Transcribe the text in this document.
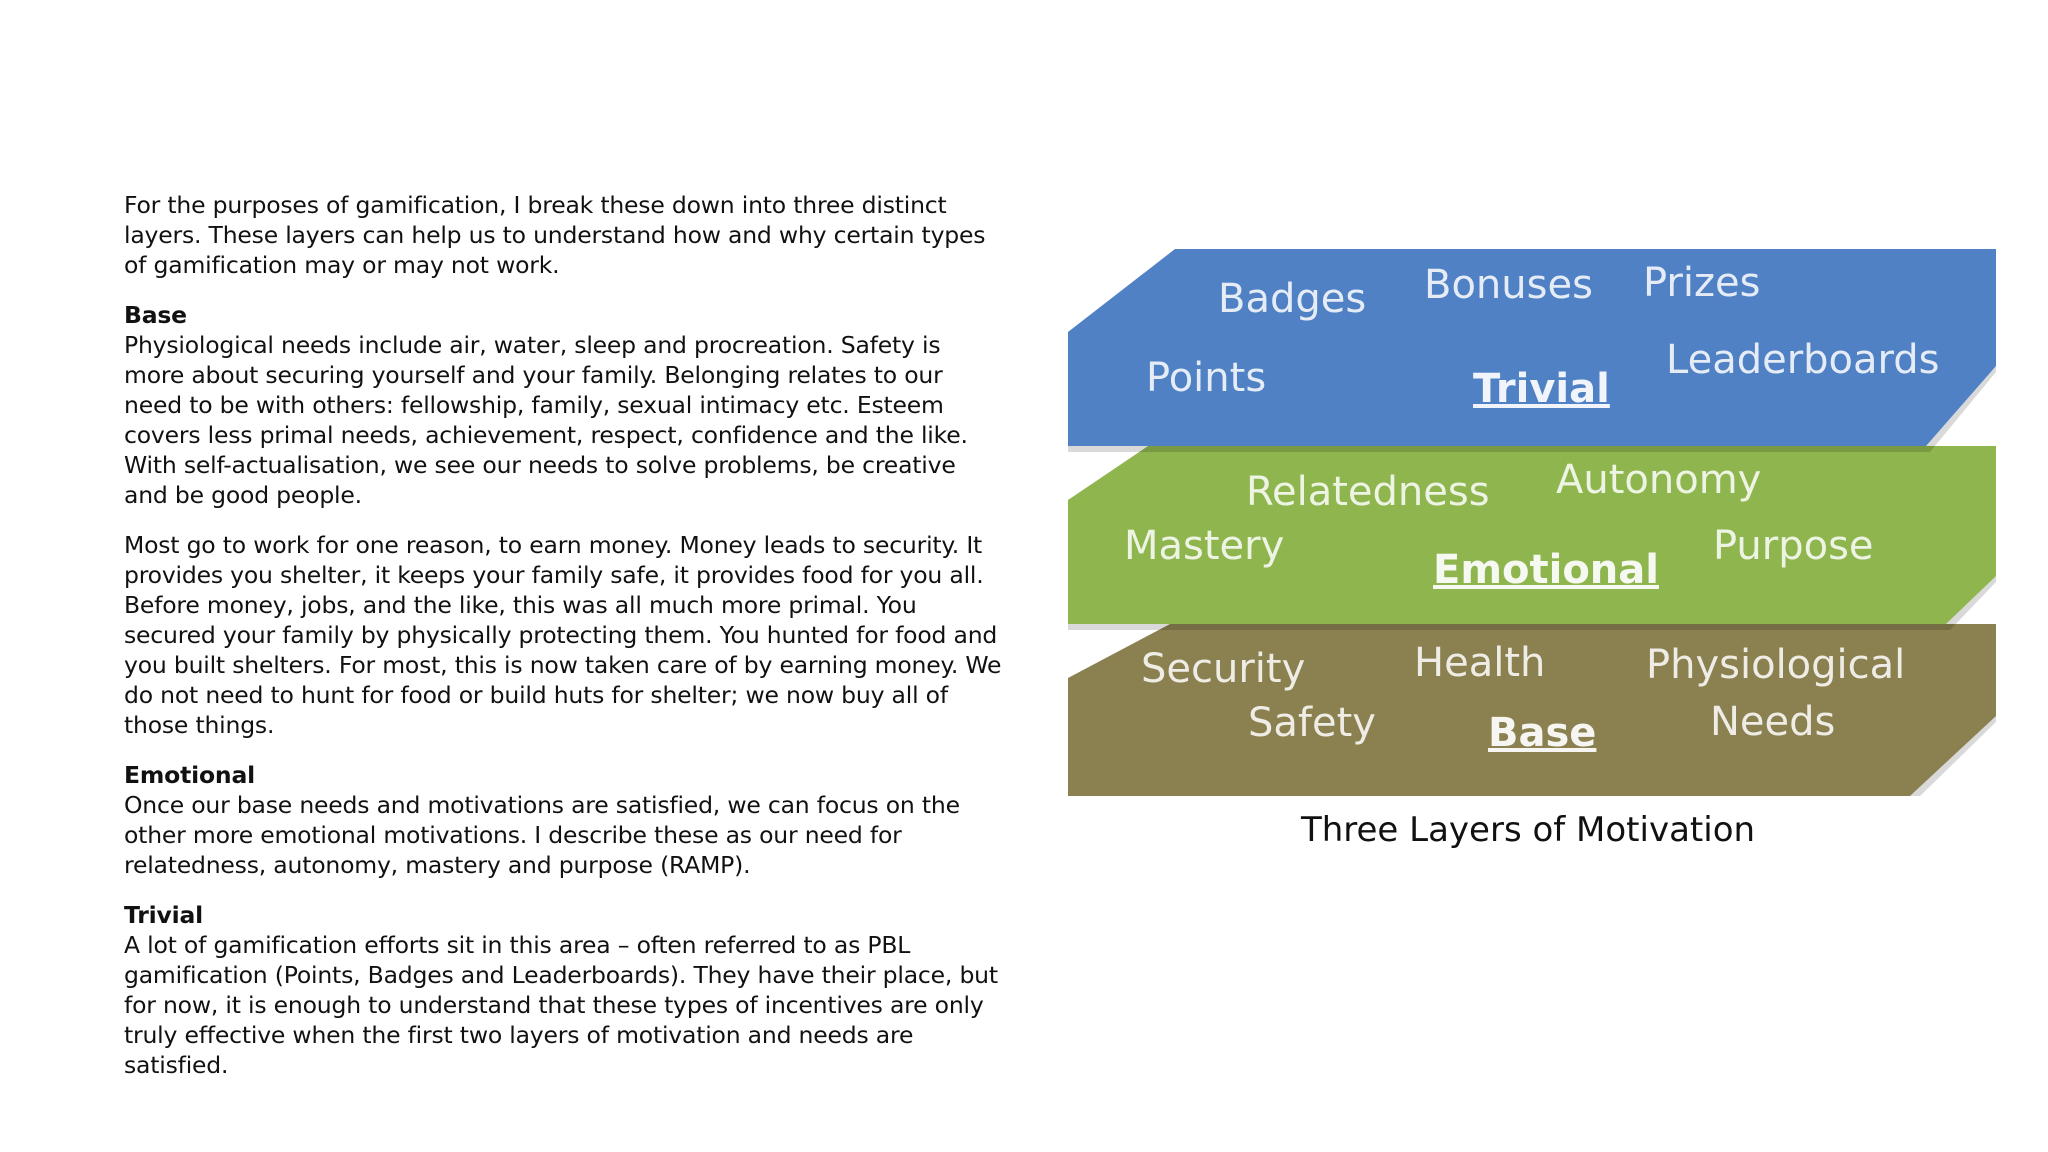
For the purposes of gamification, I break these down into three distinct layers. These layers can help us to understand how and why certain types of gamification may or may not work.

Base
Physiological needs include air, water, sleep and procreation. Safety is more about securing yourself and your family. Belonging relates to our need to be with others: fellowship, family, sexual intimacy etc. Esteem covers less primal needs, achievement, respect, confidence and the like. With self-actualisation, we see our needs to solve problems, be creative and be good people.

Most go to work for one reason, to earn money. Money leads to security. It provides you shelter, it keeps your family safe, it provides food for you all. Before money, jobs, and the like, this was all much more primal. You secured your family by physically protecting them. You hunted for food and you built shelters. For most, this is now taken care of by earning money. We do not need to hunt for food or build huts for shelter; we now buy all of those things.

Emotional
Once our base needs and motivations are satisfied, we can focus on the other more emotional motivations. I describe these as our need for relatedness, autonomy, mastery and purpose (RAMP).

Trivial
A lot of gamification efforts sit in this area – often referred to as PBL gamification (Points, Badges and Leaderboards). They have their place, but for now, it is enough to understand that these types of incentives are only truly effective when the first two layers of motivation and needs are satisfied.

Badges Bonuses Prizes
Points	Leaderboards
Trivial
Relatedness Autonomy
Mastery	Purpose
Emotional
Security	Health	Physiological
Safety	Needs
Base
Three Layers of Motivation
